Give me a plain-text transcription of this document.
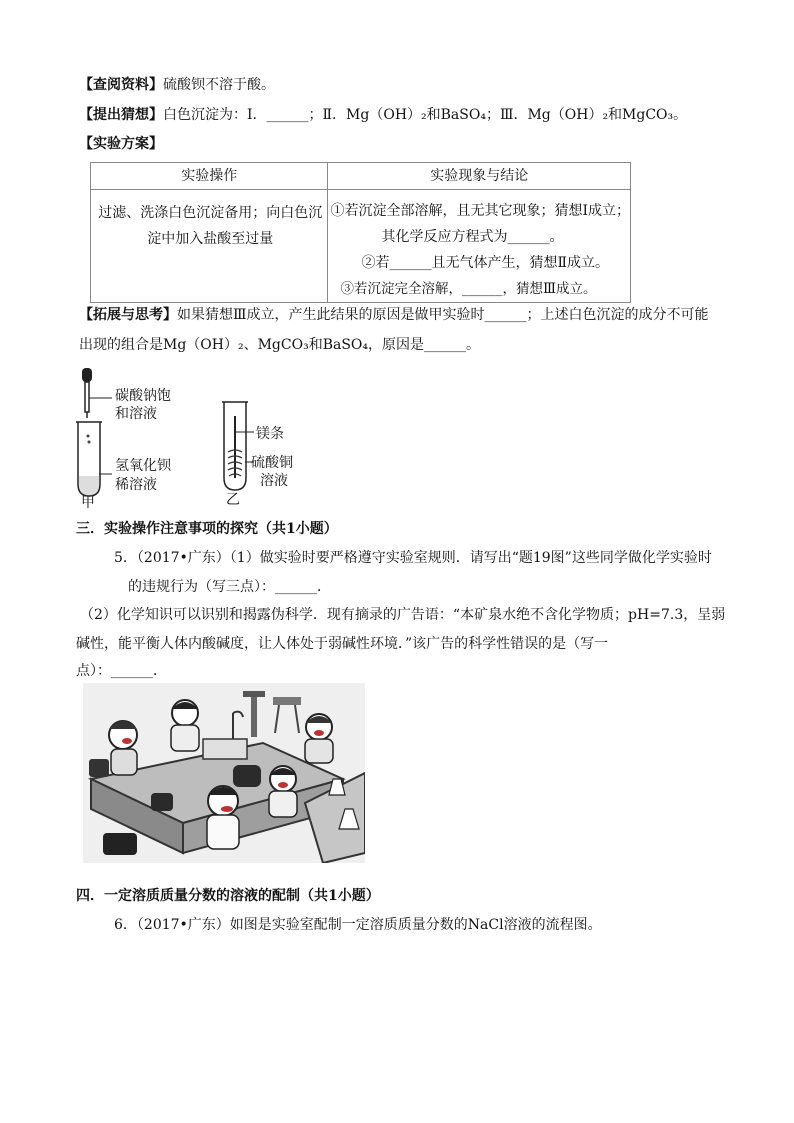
【查阅资料】硫酸钡不溶于酸。
【提出猜想】白色沉淀为：Ⅰ．______；Ⅱ．Mg（OH）₂和BaSO₄；Ⅲ．Mg（OH）₂和MgCO₃。
【实验方案】
实验操作	实验现象与结论

过滤、洗涤白色沉淀备用；向白色沉淀中加入盐酸至过量	①若沉淀全部溶解，且无其它现象；猜想Ⅰ成立；
其化学反应方程式为______。
②若______且无气体产生，猜想Ⅱ成立。
③若沉淀完全溶解，______，猜想Ⅲ成立。
【拓展与思考】如果猜想Ⅲ成立，产生此结果的原因是做甲实验时______；上述白色沉淀的成分不可能
出现的组合是Mg（OH）₂、MgCO₃和BaSO₄，原因是______。
碳酸钠饱
和溶液
氢氧化钡
稀溶液
甲
镁条
硫酸铜
溶液
乙
三．实验操作注意事项的探究（共1小题）
5．（2017•广东）（1）做实验时要严格遵守实验室规则．请写出“题19图”这些同学做化学实验时
的违规行为（写三点）：______．
（2）化学知识可以识别和揭露伪科学．现有摘录的广告语：“本矿泉水绝不含化学物质；pH=7.3，呈弱
碱性，能平衡人体内酸碱度，让人体处于弱碱性环境．”该广告的科学性错误的是（写一
点）：______．
四．一定溶质质量分数的溶液的配制（共1小题）
6．（2017•广东）如图是实验室配制一定溶质质量分数的NaCl溶液的流程图。
